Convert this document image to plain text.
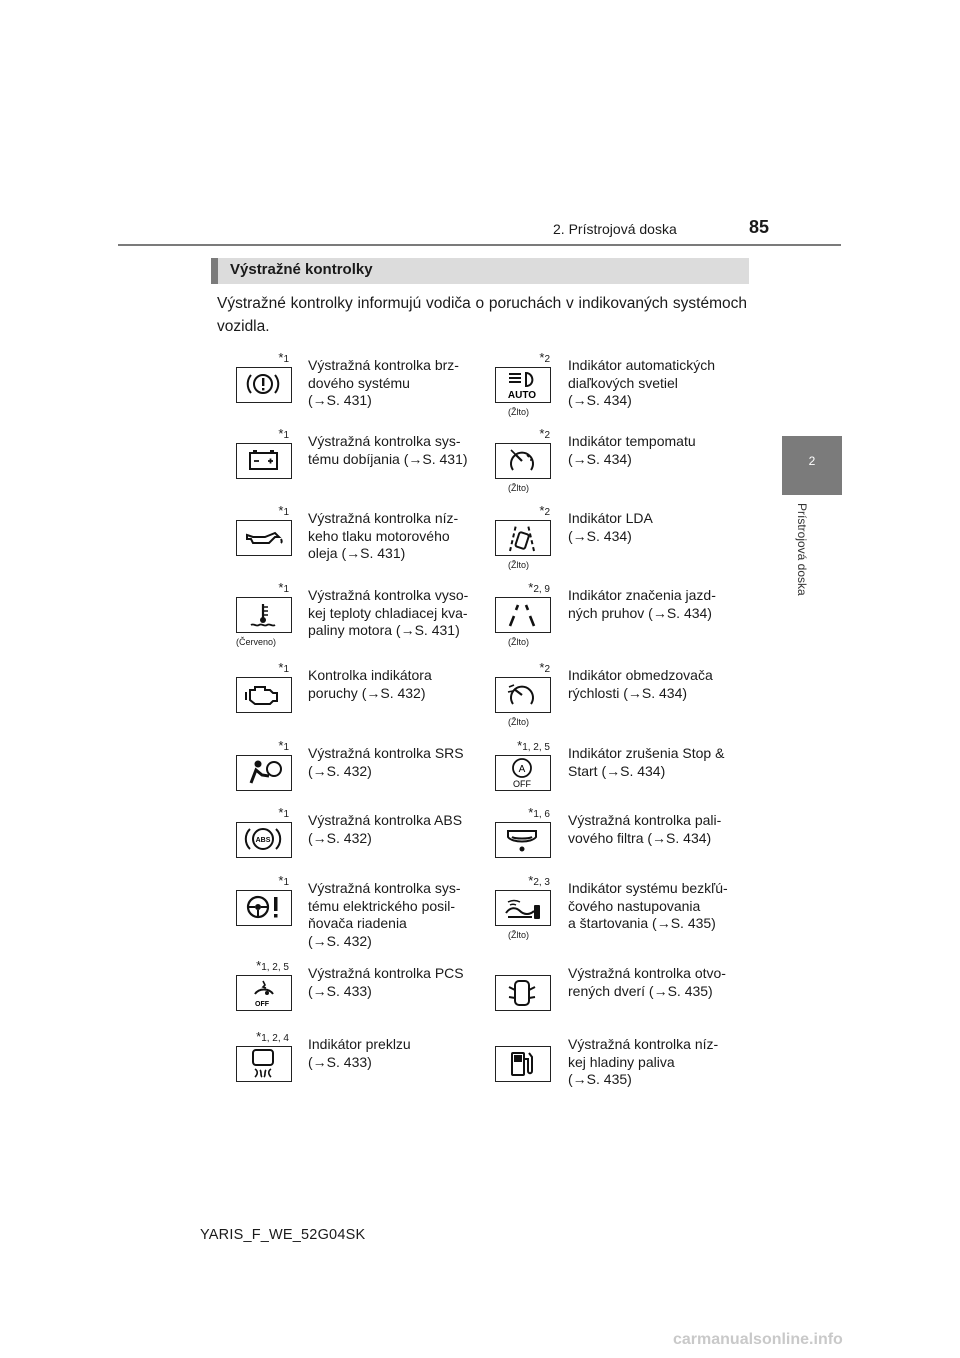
2. Prístrojová doska	85
2
Prístrojová doska
Výstražné kontrolky

Výstražné kontrolky informujú vodiča o poruchách v indikovaných systémoch vozidla.

*1 Výstražná kontrolka brz-
dového systému
(→S. 431)
*1 Výstražná kontrolka sys-
tému dobíjania (→S. 431)
*1 Výstražná kontrolka níz-
keho tlaku motorového
oleja (→S. 431)
*1
(Červeno)
Výstražná kontrolka vyso-
kej teploty chladiacej kva-
paliny motora (→S. 431)
*1 Kontrolka indikátora
poruchy (→S. 432)
*1 Výstražná kontrolka SRS
(→S. 432)
*1
ABS
Výstražná kontrolka ABS
(→S. 432)
*1 Výstražná kontrolka sys-
tému elektrického posil-
ňovača riadenia
(→S. 432)
*1, 2, 5
OFF
Výstražná kontrolka PCS
(→S. 433)
*1, 2, 4 Indikátor preklzu
(→S. 433)
*2
AUTO
(Žlto)
Indikátor automatických
diaľkových svetiel
(→S. 434)
*2
(Žlto)
Indikátor tempomatu
(→S. 434)
*2
(Žlto)
Indikátor LDA
(→S. 434)
*2, 9
(Žlto)
Indikátor značenia jazd-
ných pruhov (→S. 434)
*2
(Žlto)
Indikátor obmedzovača
rýchlosti (→S. 434)
*1, 2, 5
A
OFF
Indikátor zrušenia Stop &
Start (→S. 434)
*1, 6 Výstražná kontrolka pali-
vového filtra (→S. 434)
*2, 3
(Žlto)
Indikátor systému bezkľú-
čového nastupovania
a štartovania (→S. 435)
Výstražná kontrolka otvo-
rených dverí (→S. 435)
Výstražná kontrolka níz-
kej hladiny paliva
(→S. 435)
YARIS_F_WE_52G04SK
carmanualsonline.info
